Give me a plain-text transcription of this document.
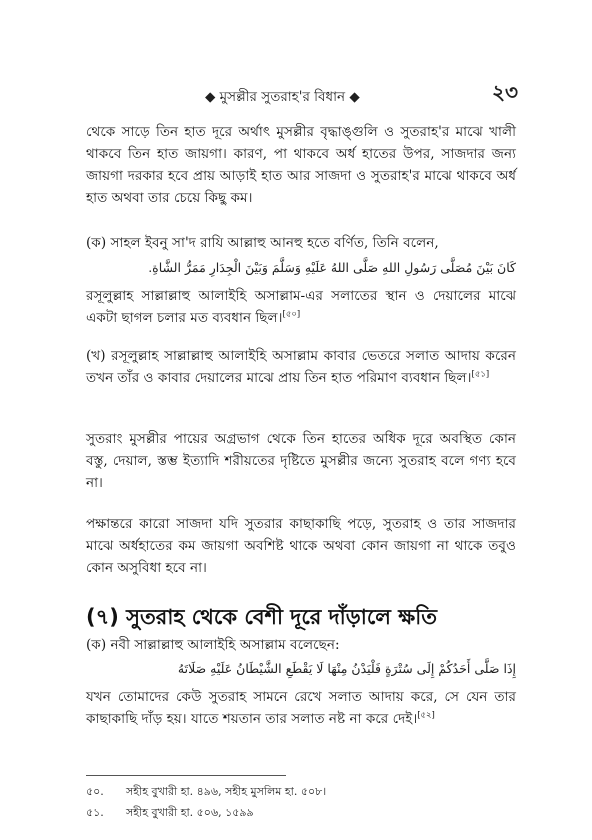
◆ মুসল্লীর সুতরাহ'র বিধান ◆	২৩

থেকে সাড়ে তিন হাত দূরে অর্থাৎ মুসল্লীর বৃদ্ধাঙ্গুলি ও সুতরাহ'র মাঝে খালী থাকবে তিন হাত জায়গা। কারণ, পা থাকবে অর্ধ হাতের উপর, সাজদার জন্য জায়গা দরকার হবে প্রায় আড়াই হাত আর সাজদা ও সুতরাহ'র মাঝে থাকবে অর্ধ হাত অথবা তার চেয়ে কিছু কম।

(ক) সাহল ইবনু সা'দ রাযি আল্লাহু আনহু হতে বর্ণিত, তিনি বলেন,

كَانَ بَيْنَ مُصَلَّى رَسُولِ اللهِ صَلَّى اللهُ عَلَيْهِ وَسَلَّمَ وَبَيْنَ الْجِدَارِ مَمَرُّ الشَّاةِ.

রসূলুল্লাহ সাল্লাল্লাহু আলাইহি অসাল্লাম-এর সলাতের স্থান ও দেয়ালের মাঝে একটা ছাগল চলার মত ব্যবধান ছিল।[৫০]

(খ) রসূলুল্লাহ সাল্লাল্লাহু আলাইহি অসাল্লাম কাবার ভেতরে সলাত আদায় করেন তখন তাঁর ও কাবার দেয়ালের মাঝে প্রায় তিন হাত পরিমাণ ব্যবধান ছিল।[৫১]

সুতরাং মুসল্লীর পায়ের অগ্রভাগ থেকে তিন হাতের অধিক দূরে অবস্থিত কোন বস্তু, দেয়াল, স্তম্ভ ইত্যাদি শরীয়তের দৃষ্টিতে মুসল্লীর জন্যে সুতরাহ বলে গণ্য হবে না।

পক্ষান্তরে কারো সাজদা যদি সুতরার কাছাকাছি পড়ে, সুতরাহ ও তার সাজদার মাঝে অর্ধহাতের কম জায়গা অবশিষ্ট থাকে অথবা কোন জায়গা না থাকে তবুও কোন অসুবিধা হবে না।

(৭) সুতরাহ থেকে বেশী দূরে দাঁড়ালে ক্ষতি

(ক) নবী সাল্লাল্লাহু আলাইহি অসাল্লাম বলেছেন:

إِذَا صَلَّى أَحَدُكُمْ إِلَى سُتْرَةٍ فَلْيَدْنُ مِنْهَا لَا يَقْطَعِ الشَّيْطَانُ عَلَيْهِ صَلَاتَهُ

যখন তোমাদের কেউ সুতরাহ সামনে রেখে সলাত আদায় করে, সে যেন তার কাছাকাছি দাঁড় হয়। যাতে শয়তান তার সলাত নষ্ট না করে দেই।[৫২]

৫০. সহীহ বুখারী হা. ৪৯৬, সহীহ মুসলিম হা. ৫০৮।
৫১. সহীহ বুখারী হা. ৫০৬, ১৫৯৯
